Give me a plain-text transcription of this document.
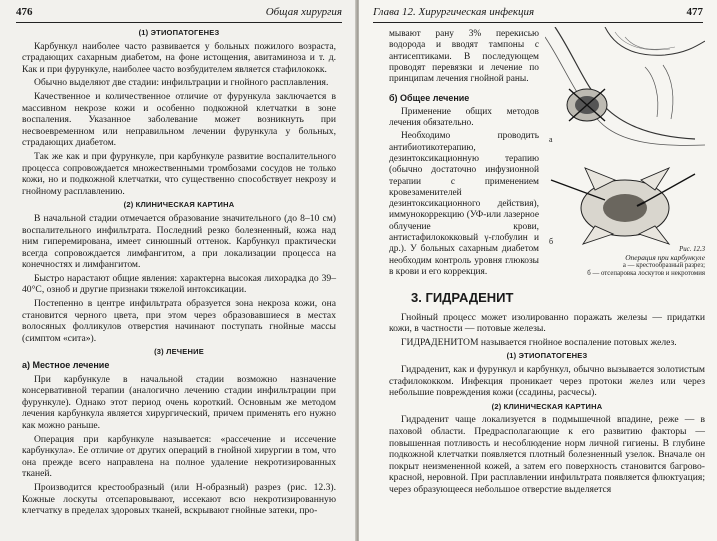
476	Общая хирургия

(1) ЭТИОПАТОГЕНЕЗ

Карбункул наиболее часто развивается у больных пожилого возраста, страдающих сахарным диабетом, на фоне истощения, авитаминоза и т. д. Как и при фурункуле, наиболее часто возбудителем является стафилококк.

Обычно выделяют две стадии: инфильтрации и гнойного расплавления.

Качественное и количественное отличие от фурункула заключается в массивном некрозе кожи и особенно подкожной клетчатки в зоне воспаления. Указанное заболевание может возникнуть при несвоевременном или неправильном лечении фурункула у больных, страдающих диабетом.

Так же как и при фурункуле, при карбункуле развитие воспалительного процесса сопровождается множественными тромбозами сосудов не только кожи, но и подкожной клетчатки, что существенно способствует некрозу и гнойному расплавлению.

(2) КЛИНИЧЕСКАЯ КАРТИНА

В начальной стадии отмечается образование значительного (до 8–10 см) воспалительного инфильтрата. Последний резко болезненный, кожа над ним гиперемирована, имеет синюшный оттенок. Карбункул практически всегда сопровождается лимфангитом, а при локализации процесса на конечностях и лимфангитом.

Быстро нарастают общие явления: характерна высокая лихорадка до 39–40°C, озноб и другие признаки тяжелой интоксикации.

Постепенно в центре инфильтрата образуется зона некроза кожи, она становится черного цвета, при этом через образовавшиеся в местах волосяных фолликулов отверстия начинают поступать гнойные массы (симптом «сита»).

(3) ЛЕЧЕНИЕ

а) Местное лечение

При карбункуле в начальной стадии возможно назначение консервативной терапии (аналогично лечению стадии инфильтрации при фурункуле). Однако этот период очень короткий. Основным же методом лечения карбункула является хирургический, причем применять его нужно как можно раньше.

Операция при карбункуле называется: «рассечение и иссечение карбункула». Ее отличие от других операций в гнойной хирургии в том, что она прежде всего направлена на полное удаление некротизированных тканей.

Производится крестообразный (или Н-образный) разрез (рис. 12.3). Кожные лоскуты отсепаровывают, иссекают всю некротизированную клетчатку в пределах здоровых тканей, вскрывают гнойные затеки, про-

Глава 12. Хирургическая инфекция	477

мывают рану 3% перекисью водорода и вводят тампоны с антисептиками. В последующем проводят перевязки и лечение по принципам лечения гнойной раны.

б) Общее лечение

Применение общих методов лечения обязательно.

Необходимо проводить антибиотикотерапию, дезинтоксикационную терапию (обычно достаточно инфузионной терапии с применением кровезаменителей дезинтоксикационного действия), иммунокоррекцию (УФ-или лазерное облучение крови, антистафилококковый γ-глобулин и др.). У больных сахарным диабетом необходим контроль уровня глюкозы в крови и его коррекция.

а
б
Рис. 12.3
Операция при карбункуле
а — крестообразный разрез;
б — отсепаровка лоскутов и некротомия
3. ГИДРАДЕНИТ

Гнойный процесс может изолированно поражать железы — придатки кожи, в частности — потовые железы.

ГИДРАДЕНИТОМ называется гнойное воспаление потовых желез.

(1) ЭТИОПАТОГЕНЕЗ

Гидраденит, как и фурункул и карбункул, обычно вызывается золотистым стафилококком. Инфекция проникает через протоки желез или через небольшие повреждения кожи (ссадины, расчесы).

(2) КЛИНИЧЕСКАЯ КАРТИНА

Гидраденит чаще локализуется в подмышечной впадине, реже — в паховой области. Предрасполагающие к его развитию факторы — повышенная потливость и несоблюдение норм личной гигиены. В глубине подкожной клетчатки появляется плотный болезненный узелок. Вначале он покрыт неизмененной кожей, а затем его поверхность становится багрово-красной, неровной. При расплавлении инфильтрата появляется флюктуация; через образующееся небольшое отверстие выделяется
